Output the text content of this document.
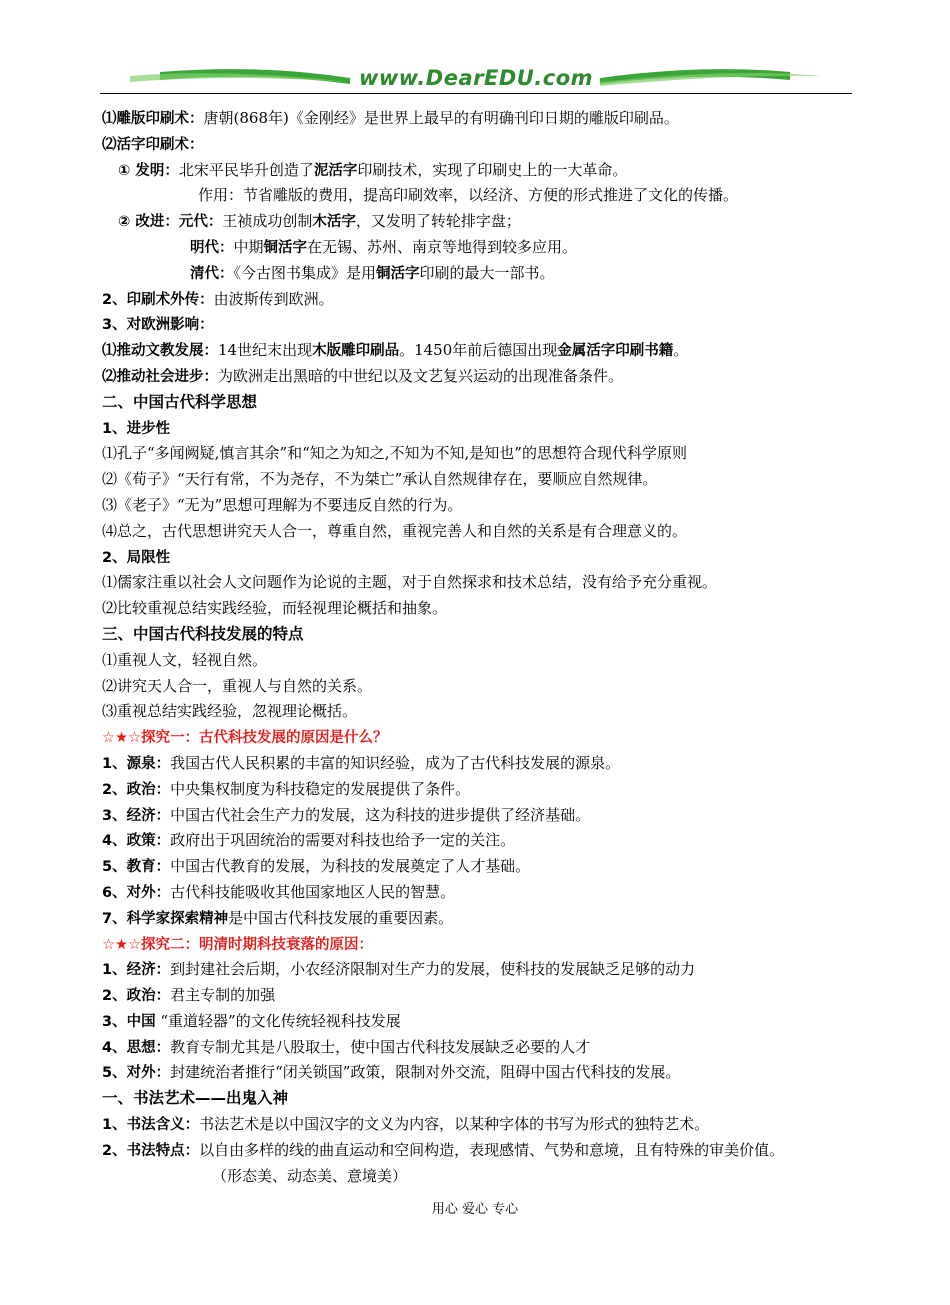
www.DearEDU.com
⑴雕版印刷术：唐朝(868年)《金刚经》是世界上最早的有明确刊印日期的雕版印刷品。
⑵活字印刷术：
① 发明：北宋平民毕升创造了泥活字印刷技术，实现了印刷史上的一大革命。
作用：节省雕版的费用，提高印刷效率，以经济、方便的形式推进了文化的传播。
② 改进：元代：王祯成功创制木活字，又发明了转轮排字盘；
明代：中期铜活字在无锡、苏州、南京等地得到较多应用。
清代：《今古图书集成》是用铜活字印刷的最大一部书。
2、印刷术外传：由波斯传到欧洲。
3、对欧洲影响：
⑴推动文教发展：14世纪末出现木版雕印刷品。1450年前后德国出现金属活字印刷书籍。
⑵推动社会进步：为欧洲走出黑暗的中世纪以及文艺复兴运动的出现准备条件。
二、中国古代科学思想
1、进步性
⑴孔子“多闻阙疑,慎言其余”和“知之为知之,不知为不知,是知也”的思想符合现代科学原则
⑵《荀子》“天行有常，不为尧存，不为桀亡”承认自然规律存在，要顺应自然规律。
⑶《老子》“无为”思想可理解为不要违反自然的行为。
⑷总之，古代思想讲究天人合一，尊重自然，重视完善人和自然的关系是有合理意义的。
2、局限性
⑴儒家注重以社会人文问题作为论说的主题，对于自然探求和技术总结，没有给予充分重视。
⑵比较重视总结实践经验，而轻视理论概括和抽象。
三、中国古代科技发展的特点
⑴重视人文，轻视自然。
⑵讲究天人合一，重视人与自然的关系。
⑶重视总结实践经验，忽视理论概括。
☆★☆探究一：古代科技发展的原因是什么？
1、源泉：我国古代人民积累的丰富的知识经验，成为了古代科技发展的源泉。
2、政治：中央集权制度为科技稳定的发展提供了条件。
3、经济：中国古代社会生产力的发展，这为科技的进步提供了经济基础。
4、政策：政府出于巩固统治的需要对科技也给予一定的关注。
5、教育：中国古代教育的发展，为科技的发展奠定了人才基础。
6、对外：古代科技能吸收其他国家地区人民的智慧。
7、科学家探索精神是中国古代科技发展的重要因素。
☆★☆探究二：明清时期科技衰落的原因：
1、经济：到封建社会后期，小农经济限制对生产力的发展，使科技的发展缺乏足够的动力
2、政治：君主专制的加强
3、中国 “重道轻器”的文化传统轻视科技发展
4、思想：教育专制尤其是八股取士，使中国古代科技发展缺乏必要的人才
5、对外：封建统治者推行“闭关锁国”政策，限制对外交流，阻碍中国古代科技的发展。
一、书法艺术——出鬼入神
1、书法含义：书法艺术是以中国汉字的文义为内容，以某种字体的书写为形式的独特艺术。
2、书法特点：以自由多样的线的曲直运动和空间构造，表现感情、气势和意境，且有特殊的审美价值。
（形态美、动态美、意境美）
用心 爱心 专心
